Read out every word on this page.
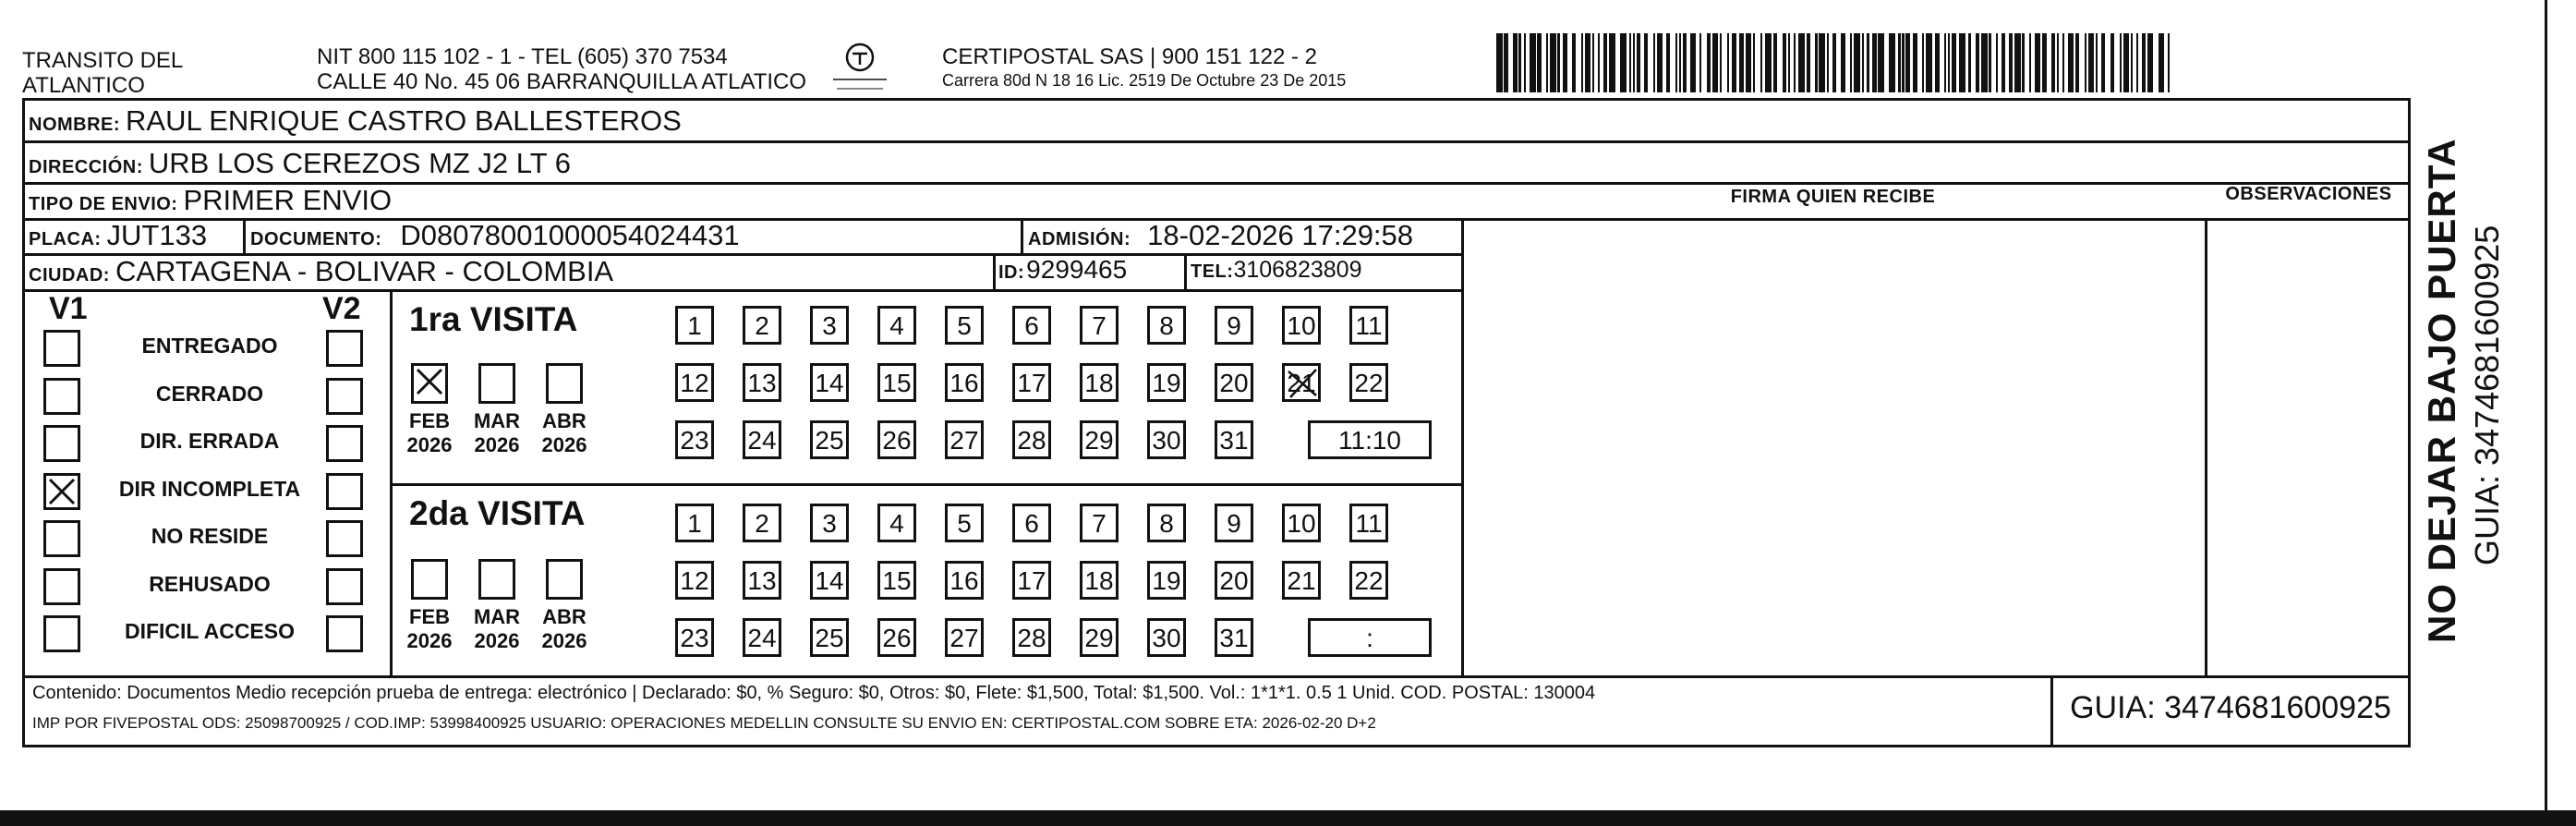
TRANSITO DEL
ATLANTICO
NIT 800 115 102 - 1 - TEL (605) 370 7534
CALLE 40 No. 45 06 BARRANQUILLA ATLATICO
CERTIPOSTAL SAS | 900 151 122 - 2
Carrera 80d N 18 16 Lic. 2519 De Octubre 23 De 2015
NOMBRE: RAUL ENRIQUE CASTRO BALLESTEROS
DIRECCIÓN: URB LOS CEREZOS MZ J2 LT 6
TIPO DE ENVIO: PRIMER ENVIO	FIRMA QUIEN RECIBE	OBSERVACIONES
PLACA: JUT133 DOCUMENTO: D08078001000054024431	ADMISIÓN: 18-02-2026 17:29:58
CIUDAD: CARTAGENA - BOLIVAR - COLOMBIA	ID: 9299465	TEL: 3106823809
V1	V2
ENTREGADO
CERRADO
DIR. ERRADA
DIR INCOMPLETA
NO RESIDE
REHUSADO
DIFICIL ACCESO
1ra VISITA
FEB
2026
MAR
2026
ABR
2026
1	2	3	4	5	6	7	8	9	10 11
12 13 14 15 16 17 18 19 20 21 22
23 24 25 26 27 28 29 30 31	11:10
2da VISITA
FEB
2026
MAR
2026
ABR
2026
1	2	3	4	5	6	7	8	9	10 11
12 13 14 15 16 17 18 19 20 21 22
23 24 25 26 27 28 29 30 31	:
Contenido: Documentos Medio recepción prueba de entrega: electrónico | Declarado: $0, % Seguro: $0, Otros: $0, Flete: $1,500, Total: $1,500. Vol.: 1*1*1. 0.5 1 Unid. COD. POSTAL: 130004
IMP POR FIVEPOSTAL ODS: 25098700925 / COD.IMP: 53998400925 USUARIO: OPERACIONES MEDELLIN CONSULTE SU ENVIO EN: CERTIPOSTAL.COM SOBRE ETA: 2026-02-20 D+2	GUIA: 3474681600925
NO DEJAR BAJO PUERTA GUIA: 3474681600925
